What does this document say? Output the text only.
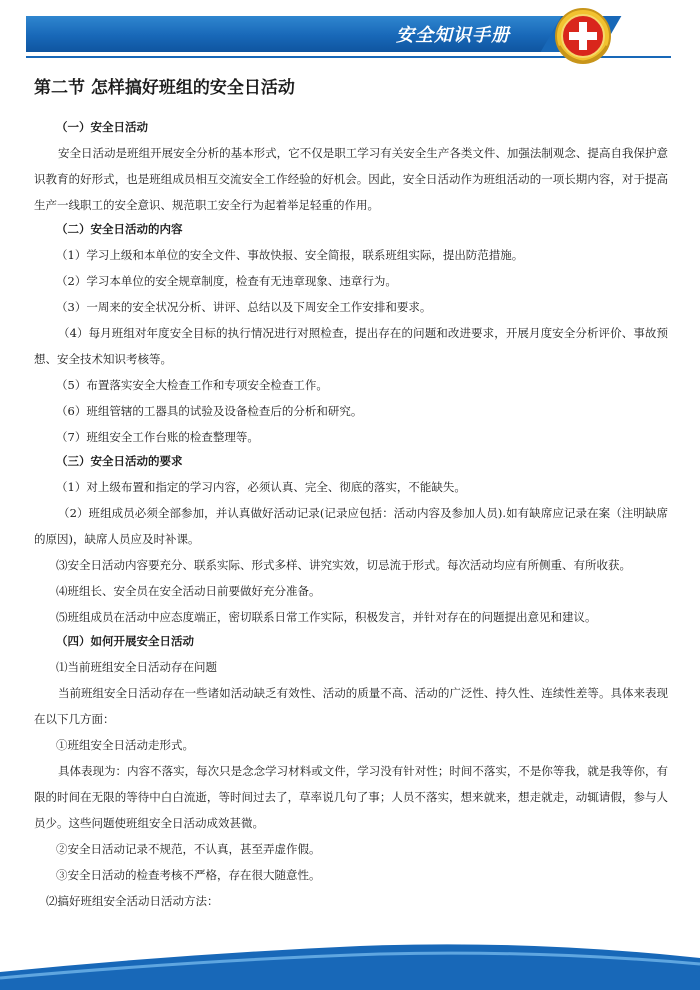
安全知识手册
第二节 怎样搞好班组的安全日活动
（一）安全日活动

安全日活动是班组开展安全分析的基本形式，它不仅是职工学习有关安全生产各类文件、加强法制观念、提高自我保护意识教育的好形式，也是班组成员相互交流安全工作经验的好机会。因此，安全日活动作为班组活动的一项长期内容，对于提高生产一线职工的安全意识、规范职工安全行为起着举足轻重的作用。

（二）安全日活动的内容

（1）学习上级和本单位的安全文件、事故快报、安全简报，联系班组实际，提出防范措施。

（2）学习本单位的安全规章制度，检查有无违章现象、违章行为。

（3）一周来的安全状况分析、讲评、总结以及下周安全工作安排和要求。

（4）每月班组对年度安全目标的执行情况进行对照检查，提出存在的问题和改进要求，开展月度安全分析评价、事故预想、安全技术知识考核等。

（5）布置落实安全大检查工作和专项安全检查工作。

（6）班组管辖的工器具的试验及设备检查后的分析和研究。

（7）班组安全工作台账的检查整理等。

（三）安全日活动的要求

（1）对上级布置和指定的学习内容，必须认真、完全、彻底的落实，不能缺失。

（2）班组成员必须全部参加，并认真做好活动记录(记录应包括：活动内容及参加人员).如有缺席应记录在案（注明缺席的原因)，缺席人员应及时补课。

⑶安全日活动内容要充分、联系实际、形式多样、讲究实效，切忌流于形式。每次活动均应有所侧重、有所收获。

⑷班组长、安全员在安全活动日前要做好充分准备。

⑸班组成员在活动中应态度端正，密切联系日常工作实际，积极发言，并针对存在的问题提出意见和建议。

（四）如何开展安全日活动

⑴当前班组安全日活动存在问题

当前班组安全日活动存在一些诸如活动缺乏有效性、活动的质量不高、活动的广泛性、持久性、连续性差等。具体来表现在以下几方面：

①班组安全日活动走形式。

具体表现为：内容不落实，每次只是念念学习材料或文件，学习没有针对性；时间不落实，不是你等我，就是我等你，有限的时间在无限的等待中白白流逝，等时间过去了，草率说几句了事；人员不落实，想来就来，想走就走，动辄请假，参与人员少。这些问题使班组安全日活动成效甚微。

②安全日活动记录不规范，不认真，甚至弄虚作假。

③安全日活动的检查考核不严格，存在很大随意性。

⑵搞好班组安全活动日活动方法：
